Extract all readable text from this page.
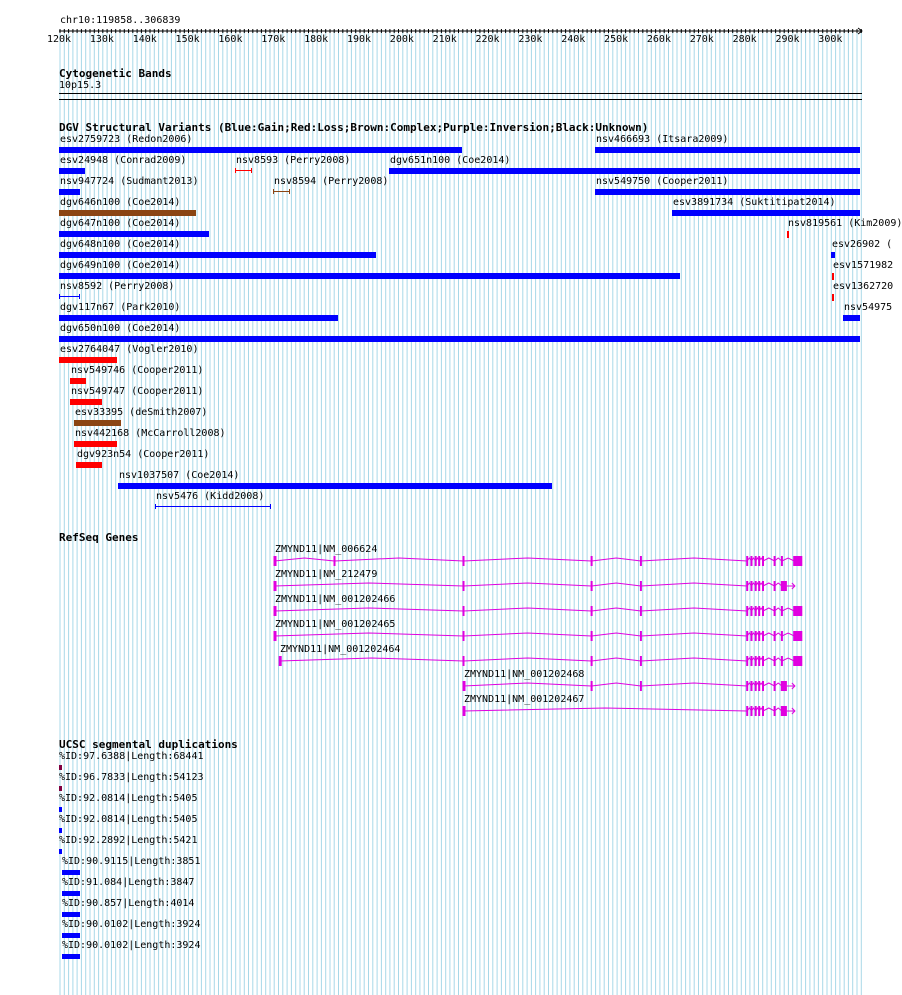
chr10:119858..306839
120k 130k 140k 150k 160k 170k 180k 190k 200k 210k 220k 230k 240k 250k 260k 270k 280k 290k 300k
Cytogenetic Bands
10p15.3
DGV Structural Variants (Blue:Gain;Red:Loss;Brown:Complex;Purple:Inversion;Black:Unknown)
esv2759723 (Redon2006)	nsv466693 (Itsara2009)
esv24948 (Conrad2009)	nsv8593 (Perry2008)	dgv651n100 (Coe2014)
nsv947724 (Sudmant2013)	nsv8594 (Perry2008)	nsv549750 (Cooper2011)
dgv646n100 (Coe2014)	esv3891734 (Suktitipat2014)
dgv647n100 (Coe2014)	nsv819561 (Kim2009)
dgv648n100 (Coe2014)	esv26902 (
dgv649n100 (Coe2014)	esv1571982
nsv8592 (Perry2008)	esv1362720
dgv117n67 (Park2010)	nsv54975
dgv650n100 (Coe2014)
esv2764047 (Vogler2010)
nsv549746 (Cooper2011)
nsv549747 (Cooper2011)
esv33395 (deSmith2007)
nsv442168 (McCarroll2008)
dgv923n54 (Cooper2011)
nsv1037507 (Coe2014)
nsv5476 (Kidd2008)
RefSeq Genes
ZMYND11|NM_006624
ZMYND11|NM_212479
ZMYND11|NM_001202466
ZMYND11|NM_001202465
ZMYND11|NM_001202464
ZMYND11|NM_001202468
ZMYND11|NM_001202467
UCSC segmental duplications
%ID:97.6388|Length:68441
%ID:96.7833|Length:54123
%ID:92.0814|Length:5405
%ID:92.0814|Length:5405
%ID:92.2892|Length:5421
%ID:90.9115|Length:3851
%ID:91.084|Length:3847
%ID:90.857|Length:4014
%ID:90.0102|Length:3924
%ID:90.0102|Length:3924
